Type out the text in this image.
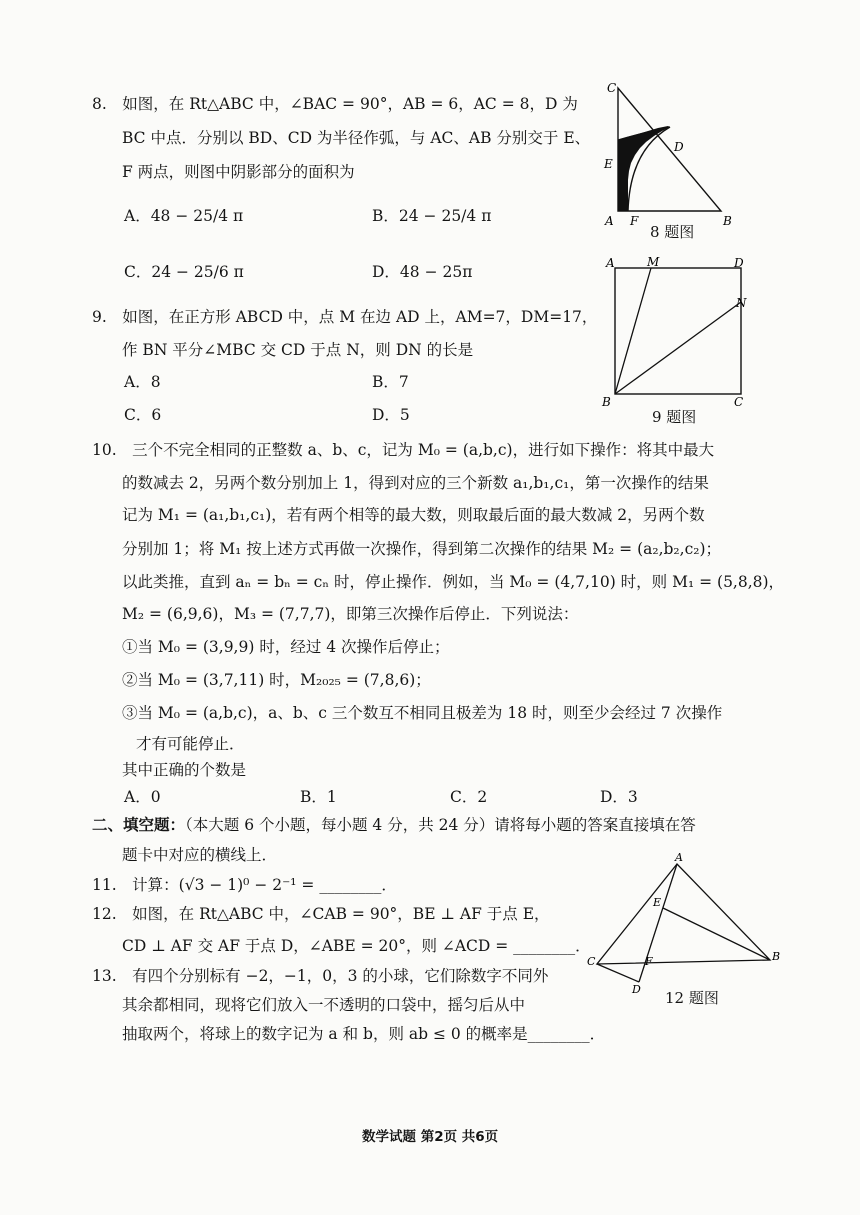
8.　如图，在 Rt△ABC 中，∠BAC = 90°，AB = 6，AC = 8，D 为
BC 中点．分别以 BD、CD 为半径作弧，与 AC、AB 分别交于 E、
F 两点，则图中阴影部分的面积为
A．48 − 25/4 π	B．24 − 25/4 π
C．24 − 25/6 π	D．48 − 25π
C
D
E
A F	B
8 题图
9.　如图，在正方形 ABCD 中，点 M 在边 AD 上，AM=7，DM=17，
作 BN 平分∠MBC 交 CD 于点 N，则 DN 的长是
A．8	B．7
C．6	D．5
A	M	D
N
B	C
9 题图
10.　三个不完全相同的正整数 a、b、c，记为 M₀ = (a,b,c)，进行如下操作：将其中最大
的数减去 2，另两个数分别加上 1，得到对应的三个新数 a₁,b₁,c₁，第一次操作的结果
记为 M₁ = (a₁,b₁,c₁)，若有两个相等的最大数，则取最后面的最大数减 2，另两个数
分别加 1；将 M₁ 按上述方式再做一次操作，得到第二次操作的结果 M₂ = (a₂,b₂,c₂)；
以此类推，直到 aₙ = bₙ = cₙ 时，停止操作．例如，当 M₀ = (4,7,10) 时，则 M₁ = (5,8,8)，
M₂ = (6,9,6)，M₃ = (7,7,7)，即第三次操作后停止．下列说法：
①当 M₀ = (3,9,9) 时，经过 4 次操作后停止；
②当 M₀ = (3,7,11) 时，M₂₀₂₅ = (7,8,6)；
③当 M₀ = (a,b,c)，a、b、c 三个数互不相同且极差为 18 时，则至少会经过 7 次操作
才有可能停止．
其中正确的个数是
A．0	B．1	C．2	D．3
二、填空题：（本大题 6 个小题，每小题 4 分，共 24 分）请将每小题的答案直接填在答
题卡中对应的横线上．
11.　计算：(√3 − 1)⁰ − 2⁻¹ = ________．
12.　如图，在 Rt△ABC 中，∠CAB = 90°，BE ⊥ AF 于点 E，
CD ⊥ AF 交 AF 于点 D，∠ABE = 20°，则 ∠ACD = ________．
A
E
C	F
D
B
12 题图
13.　有四个分别标有 −2，−1，0，3 的小球，它们除数字不同外
其余都相同，现将它们放入一不透明的口袋中，摇匀后从中
抽取两个，将球上的数字记为 a 和 b，则 ab ≤ 0 的概率是________．
数学试题 第2页 共6页
